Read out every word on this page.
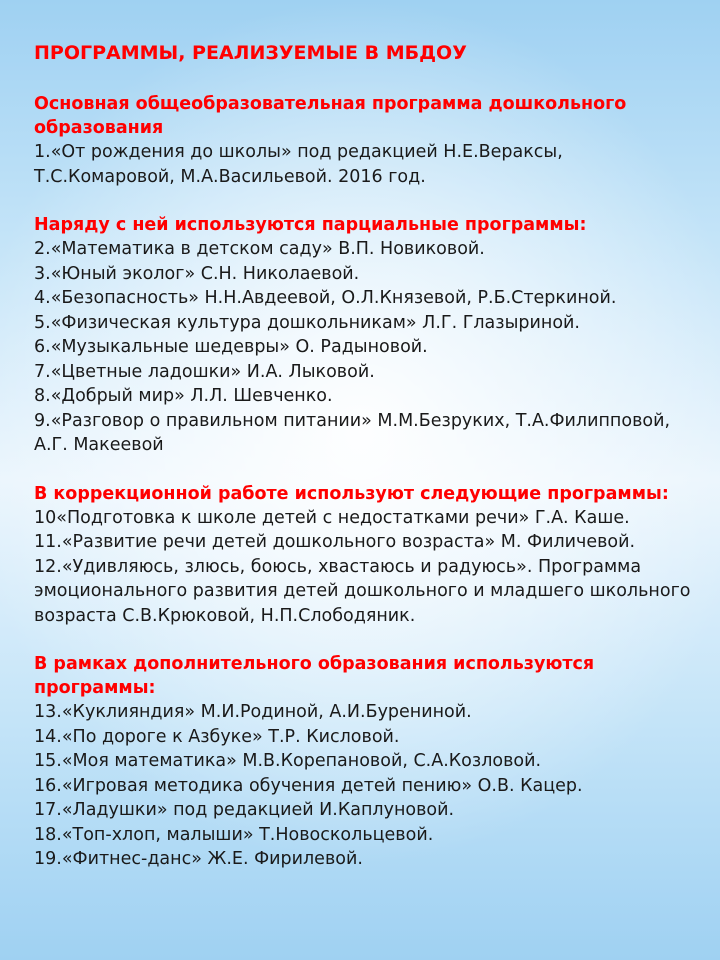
ПРОГРАММЫ, РЕАЛИЗУЕМЫЕ В МБДОУ

Основная общеобразовательная программа дошкольного образования

1.«От рождения до школы» под редакцией Н.Е.Вераксы, Т.С.Комаровой, М.А.Васильевой. 2016 год.

Наряду с ней используются парциальные программы:

2.«Математика в детском саду» В.П. Новиковой.

3.«Юный эколог» С.Н. Николаевой.

4.«Безопасность» Н.Н.Авдеевой, О.Л.Князевой, Р.Б.Стеркиной.

5.«Физическая культура дошкольникам» Л.Г. Глазыриной.

6.«Музыкальные шедевры» О. Радыновой.

7.«Цветные ладошки» И.А. Лыковой.

8.«Добрый мир» Л.Л. Шевченко.

9.«Разговор о правильном питании» М.М.Безруких, Т.А.Филипповой, А.Г. Макеевой

В коррекционной работе используют следующие программы:

10«Подготовка к школе детей с недостатками речи» Г.А. Каше.

11.«Развитие речи детей дошкольного возраста» М. Филичевой.

12.«Удивляюсь, злюсь, боюсь, хвастаюсь и радуюсь». Программа эмоционального развития детей дошкольного и младшего школьного возраста С.В.Крюковой, Н.П.Слободяник.

В рамках дополнительного образования используются программы:

13.«Куклияндия» М.И.Родиной, А.И.Бурениной.

14.«По дороге к Азбуке» Т.Р. Кисловой.

15.«Моя математика» М.В.Корепановой, С.А.Козловой.

16.«Игровая методика обучения детей пению» О.В. Кацер.

17.«Ладушки» под редакцией И.Каплуновой.

18.«Топ-хлоп, малыши» Т.Новоскольцевой.

19.«Фитнес-данс» Ж.Е. Фирилевой.
